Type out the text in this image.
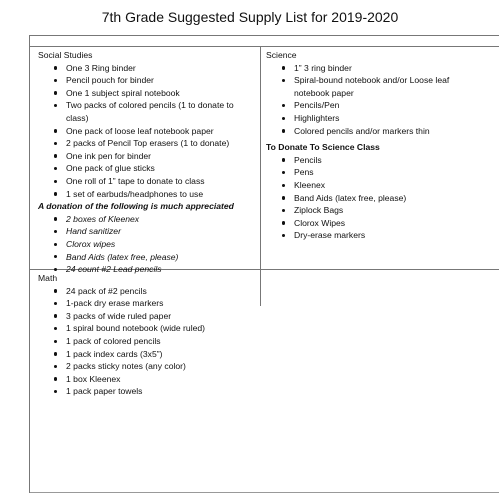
7th Grade Suggested Supply List for 2019-2020
Social Studies
One 3 Ring binder
Pencil pouch for binder
One 1 subject spiral notebook
Two packs of colored pencils (1 to donate to class)
One pack of loose leaf notebook paper
2 packs of Pencil Top erasers (1 to donate)
One ink pen for binder
One pack of glue sticks
One roll of 1” tape to donate to class
1 set of earbuds/headphones to use
A donation of the following is much appreciated
2 boxes of Kleenex
Hand sanitizer
Clorox wipes
Band Aids (latex free, please)
24 count #2 Lead pencils
Science
1” 3 ring binder
Spiral-bound notebook and/or Loose leaf notebook paper
Pencils/Pen
Highlighters
Colored pencils and/or markers thin
To Donate To Science Class
Pencils
Pens
Kleenex
Band Aids (latex free, please)
Ziplock Bags
Clorox Wipes
Dry-erase markers
Math
24 pack of #2 pencils
1-pack dry erase markers
3 packs of wide ruled paper
1 spiral bound notebook (wide ruled)
1 pack of colored pencils
1 pack index cards (3x5”)
2 packs sticky notes (any color)
1 box Kleenex
1 pack paper towels
